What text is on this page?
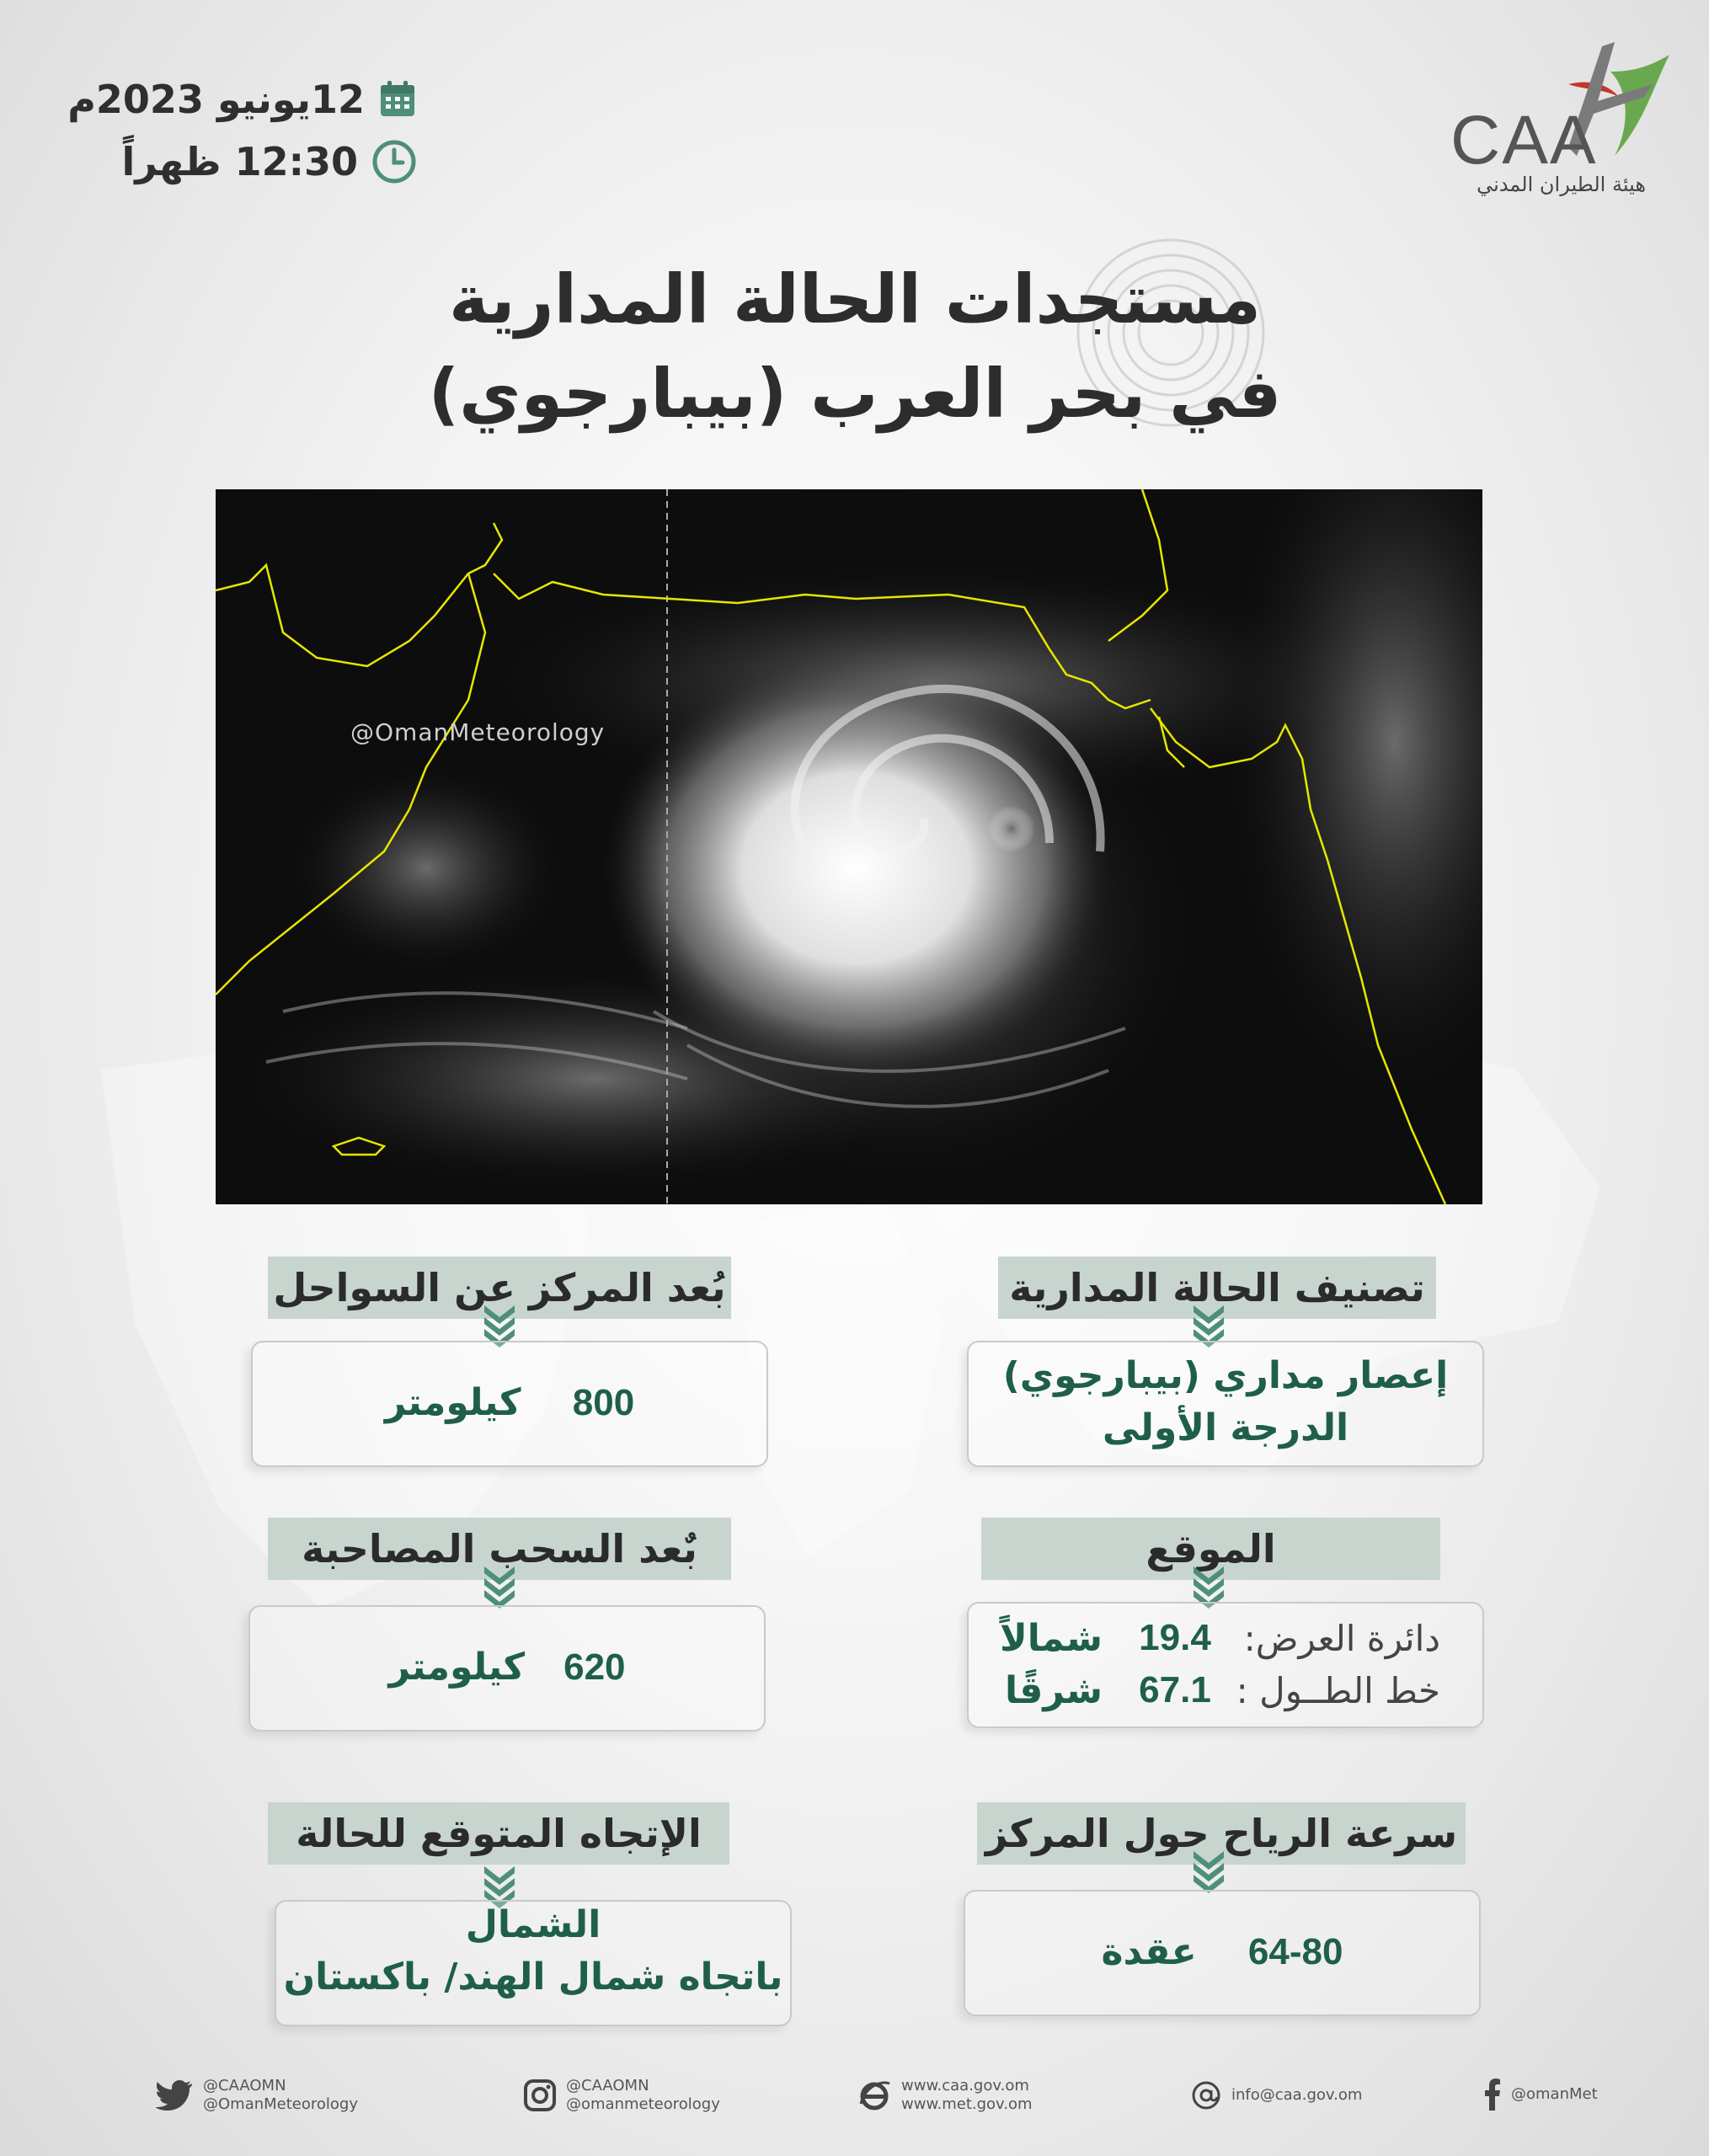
12يونيو 2023م
12:30 ظهراً	CAA
هيئة الطيران المدني
مستجدات الحالة المدارية
في بحر العرب (بيبارجوي)
@OmanMeteorology
تصنيف الحالة المدارية
إعصار مداري (بيبارجوي)
الدرجة الأولى
بُعد المركز عن السواحل
800    كيلومتر
الموقع
دائرة العرض:
19.4
شمالاً
خط الطــول :
67.1
شرقًا
بٌعد السحب المصاحبة
620   كيلومتر
سرعة الرياح حول المركز
64-80    عقدة
الإتجاه المتوقع للحالة
الشمال
باتجاه شمال الهند/ باكستان
@CAAOMN
@OmanMeteorology
@CAAOMN
@omanmeteorology
www.caa.gov.om
www.met.gov.om
info@caa.gov.om	@omanMet
